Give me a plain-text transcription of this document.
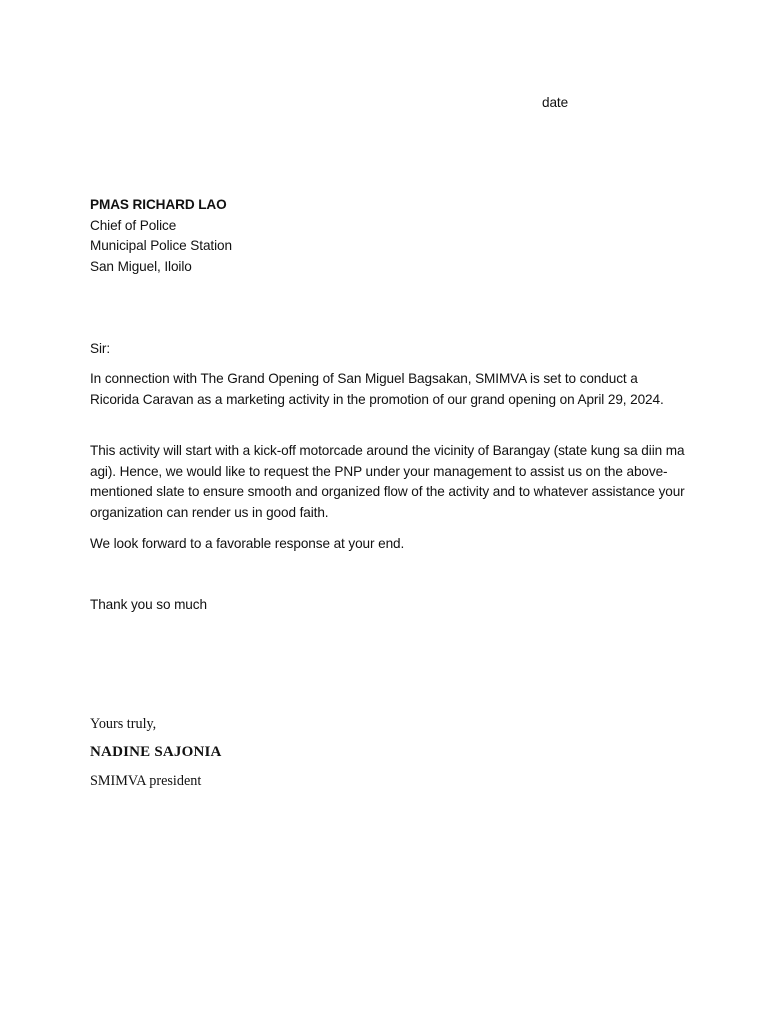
date
PMAS RICHARD LAO
Chief of Police
Municipal Police Station
San Miguel, Iloilo
Sir:

In connection with The Grand Opening of San Miguel Bagsakan, SMIMVA is set to conduct a Ricorida Caravan as a marketing activity in the promotion of our grand opening on April 29, 2024.

This activity will start with a kick-off motorcade around the vicinity of Barangay (state kung sa diin ma agi). Hence, we would like to request the PNP under your management to assist us on the above-mentioned slate to ensure smooth and organized flow of the activity and to whatever assistance your organization can render us in good faith.

We look forward to a favorable response at your end.

Thank you so much
Yours truly,
NADINE SAJONIA
SMIMVA president
